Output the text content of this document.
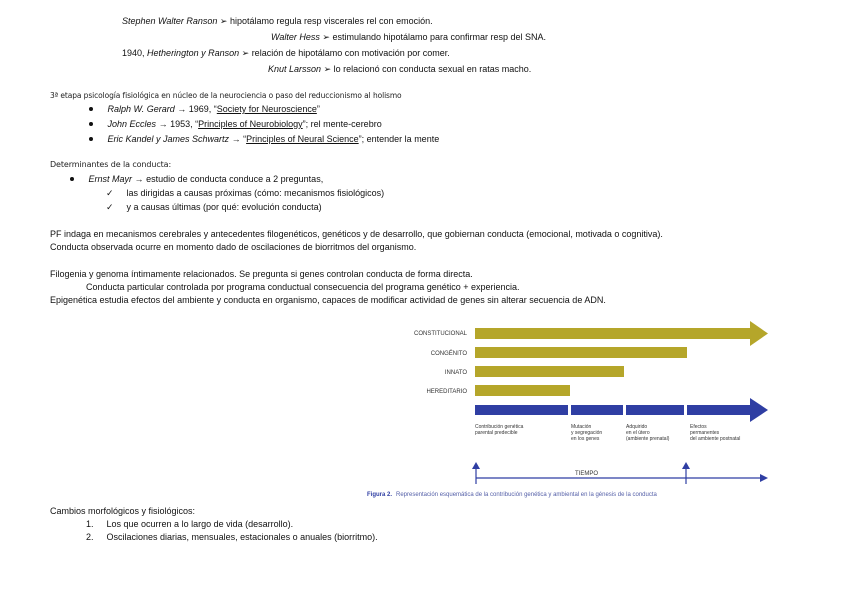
Stephen Walter Ranson ➢ hipotálamo regula resp viscerales rel con emoción.
Walter Hess ➢ estimulando hipotálamo para confirmar resp del SNA.
1940, Hetherington y Ranson ➢ relación de hipotálamo con motivación por comer.
Knut Larsson ➢ lo relacionó con conducta sexual en ratas macho.
3ª etapa psicología fisiológica en núcleo de la neurociencia o paso del reduccionismo al holismo
Ralph W. Gerard → 1969, “Society for Neuroscience”
John Eccles → 1953, “Principles of Neurobiology”; rel mente-cerebro
Eric Kandel y James Schwartz → “Principles of Neural Science”; entender la mente
Determinantes de la conducta:
Ernst Mayr → estudio de conducta conduce a 2 preguntas,
✓ las dirigidas a causas próximas (cómo: mecanismos fisiológicos)
✓ y a causas últimas (por qué: evolución conducta)
PF indaga en mecanismos cerebrales y antecedentes filogenéticos, genéticos y de desarrollo, que gobiernan conducta (emocional, motivada o cognitiva).
Conducta observada ocurre en momento dado de oscilaciones de biorritmos del organismo.
Filogenia y genoma íntimamente relacionados. Se pregunta si genes controlan conducta de forma directa.
Conducta particular controlada por programa conductual consecuencia del programa genético + experiencia.
Epigenética estudia efectos del ambiente y conducta en organismo, capaces de modificar actividad de genes sin alterar secuencia de ADN.
CONSTITUCIONAL
CONGÉNITO
INNATO
HEREDITARIO
Contribución genética
parental predecible
Mutación
y segregación
en los genes
Adquirido
en el útero
(ambiente prenatal)
Efectos
permanentes
del ambiente postnatal
TIEMPO
Figura 2. Representación esquemática de la contribución genética y ambiental en la génesis de la conducta
Cambios morfológicos y fisiológicos:
1. Los que ocurren a lo largo de vida (desarrollo).
2. Oscilaciones diarias, mensuales, estacionales o anuales (biorritmo).
